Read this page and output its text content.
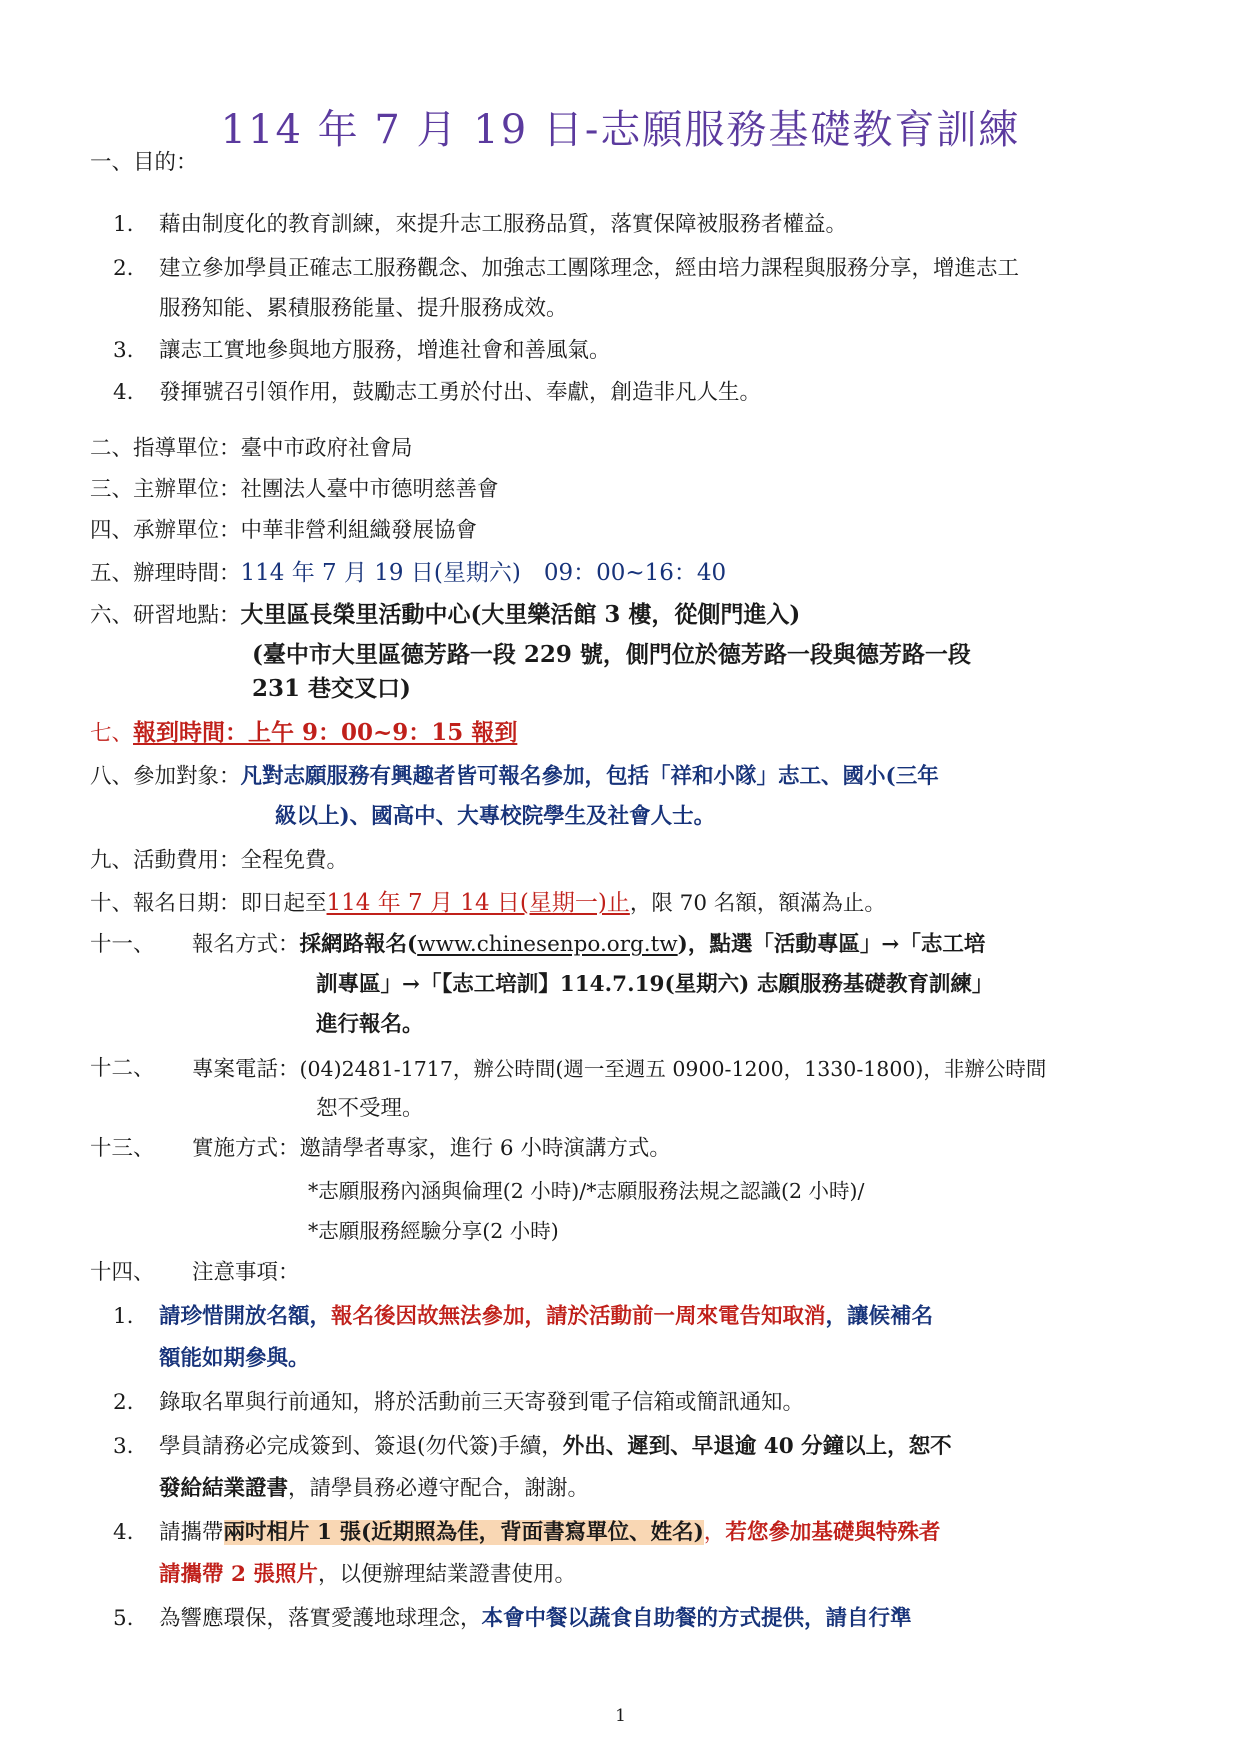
114 年 7 月 19 日-志願服務基礎教育訓練
一、目的：
1. 藉由制度化的教育訓練，來提升志工服務品質，落實保障被服務者權益。
2. 建立參加學員正確志工服務觀念、加強志工團隊理念，經由培力課程與服務分享，增進志工
服務知能、累積服務能量、提升服務成效。
3. 讓志工實地參與地方服務，增進社會和善風氣。
4. 發揮號召引領作用，鼓勵志工勇於付出、奉獻，創造非凡人生。
二、指導單位：臺中市政府社會局
三、主辦單位：社團法人臺中市德明慈善會
四、承辦單位：中華非營利組織發展協會
五、辦理時間：114 年 7 月 19 日(星期六)　09：00~16：40
六、研習地點：大里區長榮里活動中心(大里樂活館 3 樓，從側門進入)
(臺中市大里區德芳路一段 229 號，側門位於德芳路一段與德芳路一段
231 巷交叉口)
七、報到時間：上午 9：00~9：15 報到
八、參加對象：凡對志願服務有興趣者皆可報名參加，包括「祥和小隊」志工、國小(三年
級以上)、國高中、大專校院學生及社會人士。
九、活動費用：全程免費。
十、報名日期：即日起至114 年 7 月 14 日(星期一)止，限 70 名額，額滿為止。
十一、 報名方式：採網路報名(www.chinesenpo.org.tw)，點選「活動專區」→「志工培
訓專區」→「【志工培訓】114.7.19(星期六) 志願服務基礎教育訓練」
進行報名。
十二、 專案電話：(04)2481-1717，辦公時間(週一至週五 0900-1200，1330-1800)，非辦公時間
恕不受理。
十三、 實施方式：邀請學者專家，進行 6 小時演講方式。
*志願服務內涵與倫理(2 小時)/*志願服務法規之認識(2 小時)/
*志願服務經驗分享(2 小時)
十四、 注意事項：
1. 請珍惜開放名額，報名後因故無法參加，請於活動前一周來電告知取消，讓候補名
額能如期參與。
2. 錄取名單與行前通知，將於活動前三天寄發到電子信箱或簡訊通知。
3. 學員請務必完成簽到、簽退(勿代簽)手續，外出、遲到、早退逾 40 分鐘以上，恕不
發給結業證書，請學員務必遵守配合，謝謝。
4. 請攜帶兩吋相片 1 張(近期照為佳，背面書寫單位、姓名)，若您參加基礎與特殊者
請攜帶 2 張照片，以便辦理結業證書使用。
5. 為響應環保，落實愛護地球理念，本會中餐以蔬食自助餐的方式提供，請自行準
1
